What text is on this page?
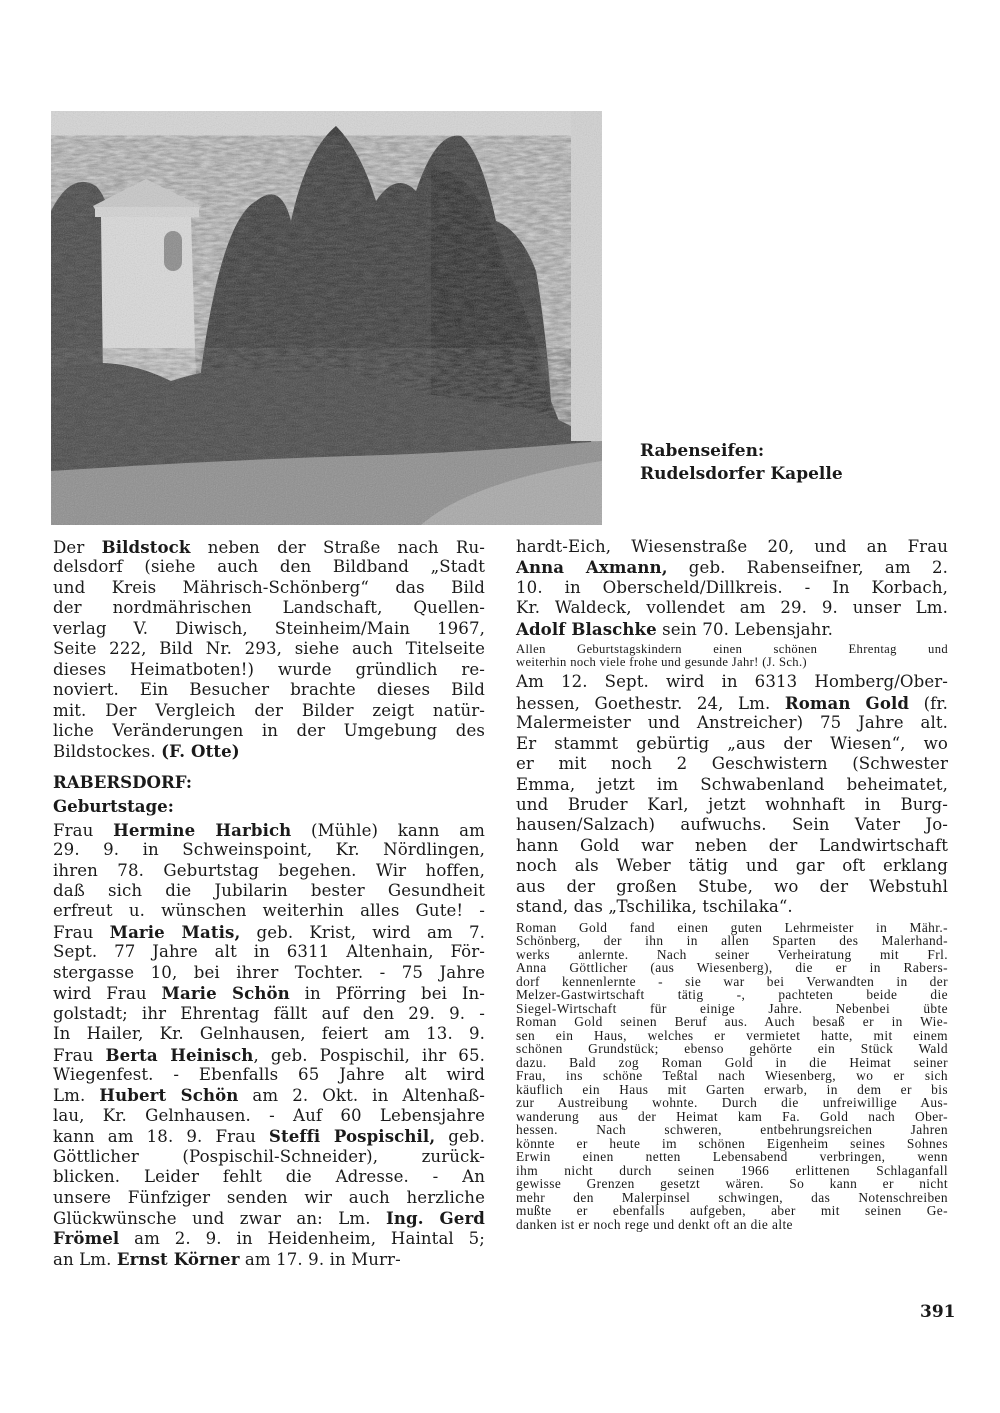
Rabenseifen:
Rudelsdorfer Kapelle
Der Bildstock neben der Straße nach Ru-
delsdorf (siehe auch den Bildband „Stadt
und Kreis Mährisch-Schönberg“ das Bild
der nordmährischen Landschaft, Quellen-
verlag V. Diwisch, Steinheim/Main 1967,
Seite 222, Bild Nr. 293, siehe auch Titelseite
dieses Heimatboten!) wurde gründlich re-
noviert. Ein Besucher brachte dieses Bild
mit. Der Vergleich der Bilder zeigt natür-
liche Veränderungen in der Umgebung des
Bildstockes. (F. Otte)
RABERSDORF:
Geburtstage:
Frau Hermine Harbich (Mühle) kann am
29. 9. in Schweinspoint, Kr. Nördlingen,
ihren 78. Geburtstag begehen. Wir hoffen,
daß sich die Jubilarin bester Gesundheit
erfreut u. wünschen weiterhin alles Gute! -
Frau Marie Matis, geb. Krist, wird am 7.
Sept. 77 Jahre alt in 6311 Altenhain, För-
stergasse 10, bei ihrer Tochter. - 75 Jahre
wird Frau Marie Schön in Pförring bei In-
golstadt; ihr Ehrentag fällt auf den 29. 9. -
In Hailer, Kr. Gelnhausen, feiert am 13. 9.
Frau Berta Heinisch, geb. Pospischil, ihr 65.
Wiegenfest. - Ebenfalls 65 Jahre alt wird
Lm. Hubert Schön am 2. Okt. in Altenhaß-
lau, Kr. Gelnhausen. - Auf 60 Lebensjahre
kann am 18. 9. Frau Steffi Pospischil, geb.
Göttlicher (Pospischil-Schneider), zurück-
blicken. Leider fehlt die Adresse. - An
unsere Fünfziger senden wir auch herzliche
Glückwünsche und zwar an: Lm. Ing. Gerd
Frömel am 2. 9. in Heidenheim, Haintal 5;
an Lm. Ernst Körner am 17. 9. in Murr-
hardt-Eich, Wiesenstraße 20, und an Frau
Anna Axmann, geb. Rabenseifner, am 2.
10. in Oberscheld/Dillkreis. - In Korbach,
Kr. Waldeck, vollendet am 29. 9. unser Lm.
Adolf Blaschke sein 70. Lebensjahr.
Allen Geburtstagskindern einen schönen Ehrentag und
weiterhin noch viele frohe und gesunde Jahr! (J. Sch.)
Am 12. Sept. wird in 6313 Homberg/Ober-
hessen, Goethestr. 24, Lm. Roman Gold (fr.
Malermeister und Anstreicher) 75 Jahre alt.
Er stammt gebürtig „aus der Wiesen“, wo
er mit noch 2 Geschwistern (Schwester
Emma, jetzt im Schwabenland beheimatet,
und Bruder Karl, jetzt wohnhaft in Burg-
hausen/Salzach) aufwuchs. Sein Vater Jo-
hann Gold war neben der Landwirtschaft
noch als Weber tätig und gar oft erklang
aus der großen Stube, wo der Webstuhl
stand, das „Tschilika, tschilaka“.
Roman Gold fand einen guten Lehrmeister in Mähr.-
Schönberg, der ihn in allen Sparten des Malerhand-
werks anlernte. Nach seiner Verheiratung mit Frl.
Anna Göttlicher (aus Wiesenberg), die er in Rabers-
dorf kennenlernte - sie war bei Verwandten in der
Melzer-Gastwirtschaft tätig -, pachteten beide die
Siegel-Wirtschaft für einige Jahre. Nebenbei übte
Roman Gold seinen Beruf aus. Auch besaß er in Wie-
sen ein Haus, welches er vermietet hatte, mit einem
schönen Grundstück; ebenso gehörte ein Stück Wald
dazu. Bald zog Roman Gold in die Heimat seiner
Frau, ins schöne Teßtal nach Wiesenberg, wo er sich
käuflich ein Haus mit Garten erwarb, in dem er bis
zur Austreibung wohnte. Durch die unfreiwillige Aus-
wanderung aus der Heimat kam Fa. Gold nach Ober-
hessen. Nach schweren, entbehrungsreichen Jahren
könnte er heute im schönen Eigenheim seines Sohnes
Erwin einen netten Lebensabend verbringen, wenn
ihm nicht durch seinen 1966 erlittenen Schlaganfall
gewisse Grenzen gesetzt wären. So kann er nicht
mehr den Malerpinsel schwingen, das Notenschreiben
mußte er ebenfalls aufgeben, aber mit seinen Ge-
danken ist er noch rege und denkt oft an die alte
391
